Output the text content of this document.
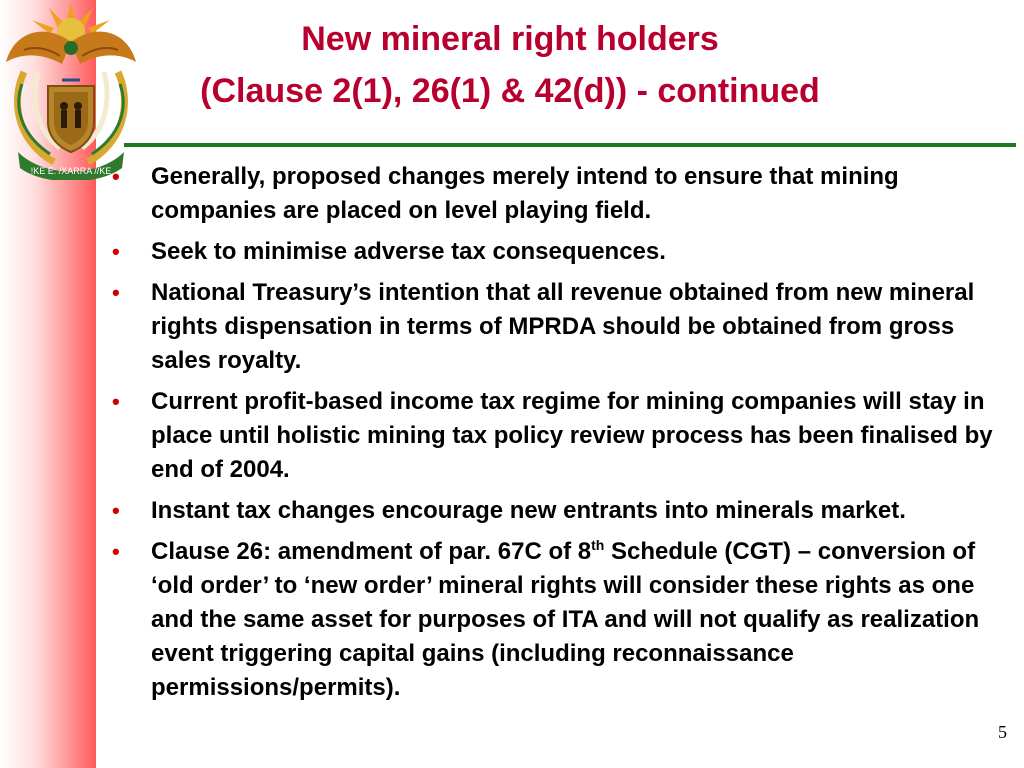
!KE E: /XARRA //KE
New mineral right holders
(Clause 2(1), 26(1) & 42(d)) - continued
• Generally, proposed changes merely intend to ensure that mining companies are placed on level playing field.
• Seek to minimise adverse tax consequences.
• National Treasury’s intention that all revenue obtained from new mineral rights dispensation in terms of MPRDA should be obtained from gross sales royalty.
• Current profit-based income tax regime for mining companies will stay in place until holistic mining tax policy review process has been finalised by end of 2004.
• Instant tax changes encourage new entrants into minerals market.
• Clause 26: amendment of par. 67C of 8th Schedule (CGT) – conversion of ‘old order’ to ‘new order’ mineral rights will consider these rights as one and the same asset for purposes of ITA and will not qualify as realization event triggering capital gains (including reconnaissance permissions/permits).
5
